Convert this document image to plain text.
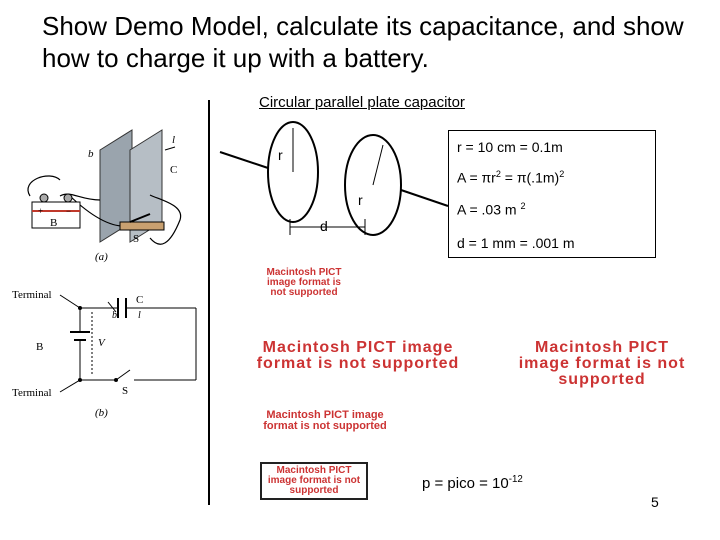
Show Demo Model, calculate its capacitance, and show how to charge it up with a battery.
Circular parallel plate capacitor
+	−
b
l
C
B
S
(a)
Terminal
Terminal
C
b l
B	V
S
(b)
r
r
d
r = 10 cm = 0.1m
$A = \pi r^2 = \pi(.1m)^2$
A = .03 m $^2$
d = 1 mm = .001 m
Macintosh PICT image format is not supported
Macintosh PICT image format is not supported
Macintosh PICT image format is not supported
Macintosh PICT image format is not supported
Macintosh PICT image format is not supported	p = pico = $10^{-12}$
5
